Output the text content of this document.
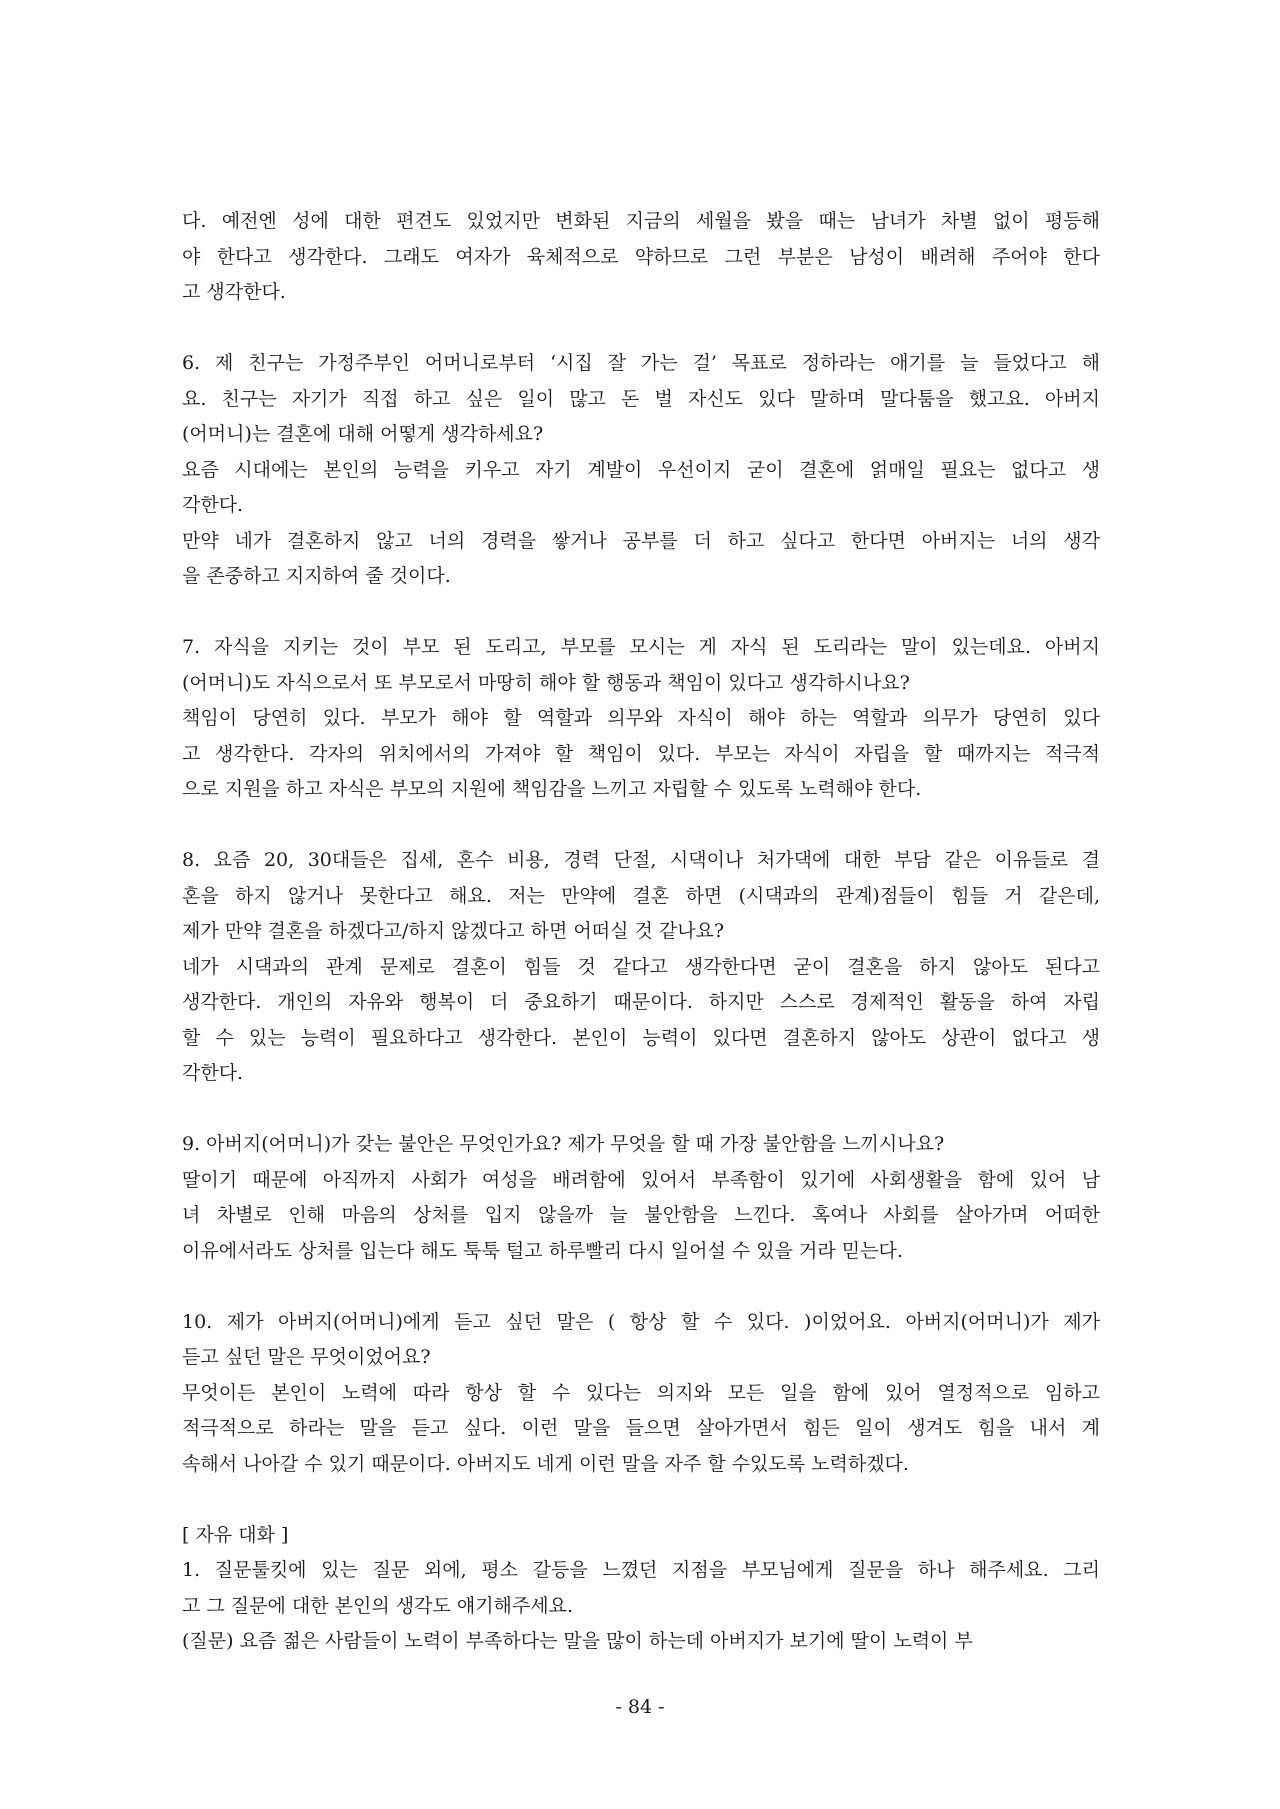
다. 예전엔 성에 대한 편견도 있었지만 변화된 지금의 세월을 봤을 때는 남녀가 차별 없이 평등해
야 한다고 생각한다. 그래도 여자가 육체적으로 약하므로 그런 부분은 남성이 배려해 주어야 한다
고 생각한다.
6. 제 친구는 가정주부인 어머니로부터 ‘시집 잘 가는 걸’ 목표로 정하라는 애기를 늘 들었다고 해
요. 친구는 자기가 직접 하고 싶은 일이 많고 돈 벌 자신도 있다 말하며 말다툼을 했고요. 아버지
(어머니)는 결혼에 대해 어떻게 생각하세요?
요즘 시대에는 본인의 능력을 키우고 자기 계발이 우선이지 굳이 결혼에 얽매일 필요는 없다고 생
각한다.
만약 네가 결혼하지 않고 너의 경력을 쌓거나 공부를 더 하고 싶다고 한다면 아버지는 너의 생각
을 존중하고 지지하여 줄 것이다.
7. 자식을 지키는 것이 부모 된 도리고, 부모를 모시는 게 자식 된 도리라는 말이 있는데요. 아버지
(어머니)도 자식으로서 또 부모로서 마땅히 해야 할 행동과 책임이 있다고 생각하시나요?
책임이 당연히 있다. 부모가 해야 할 역할과 의무와 자식이 해야 하는 역할과 의무가 당연히 있다
고 생각한다. 각자의 위치에서의 가져야 할 책임이 있다. 부모는 자식이 자립을 할 때까지는 적극적
으로 지원을 하고 자식은 부모의 지원에 책임감을 느끼고 자립할 수 있도록 노력해야 한다.
8. 요즘 20, 30대들은 집세, 혼수 비용, 경력 단절, 시댁이나 처가댁에 대한 부담 같은 이유들로 결
혼을 하지 않거나 못한다고 해요. 저는 만약에 결혼 하면 (시댁과의 관계)점들이 힘들 거 같은데,
제가 만약 결혼을 하겠다고/하지 않겠다고 하면 어떠실 것 같나요?
네가 시댁과의 관계 문제로 결혼이 힘들 것 같다고 생각한다면 굳이 결혼을 하지 않아도 된다고
생각한다. 개인의 자유와 행복이 더 중요하기 때문이다. 하지만 스스로 경제적인 활동을 하여 자립
할 수 있는 능력이 필요하다고 생각한다. 본인이 능력이 있다면 결혼하지 않아도 상관이 없다고 생
각한다.
9. 아버지(어머니)가 갖는 불안은 무엇인가요? 제가 무엇을 할 때 가장 불안함을 느끼시나요?
딸이기 때문에 아직까지 사회가 여성을 배려함에 있어서 부족함이 있기에 사회생활을 함에 있어 남
녀 차별로 인해 마음의 상처를 입지 않을까 늘 불안함을 느낀다. 혹여나 사회를 살아가며 어떠한
이유에서라도 상처를 입는다 해도 툭툭 털고 하루빨리 다시 일어설 수 있을 거라 믿는다.
10. 제가 아버지(어머니)에게 듣고 싶던 말은 ( 항상 할 수 있다. )이었어요. 아버지(어머니)가 제가
듣고 싶던 말은 무엇이었어요?
무엇이든 본인이 노력에 따라 항상 할 수 있다는 의지와 모든 일을 함에 있어 열정적으로 임하고
적극적으로 하라는 말을 듣고 싶다. 이런 말을 들으면 살아가면서 힘든 일이 생겨도 힘을 내서 계
속해서 나아갈 수 있기 때문이다. 아버지도 네게 이런 말을 자주 할 수있도록 노력하겠다.
[ 자유 대화 ]
1. 질문툴킷에 있는 질문 외에, 평소 갈등을 느꼈던 지점을 부모님에게 질문을 하나 해주세요. 그리
고 그 질문에 대한 본인의 생각도 얘기해주세요.
(질문) 요즘 젊은 사람들이 노력이 부족하다는 말을 많이 하는데 아버지가 보기에 딸이 노력이 부
- 84 -
